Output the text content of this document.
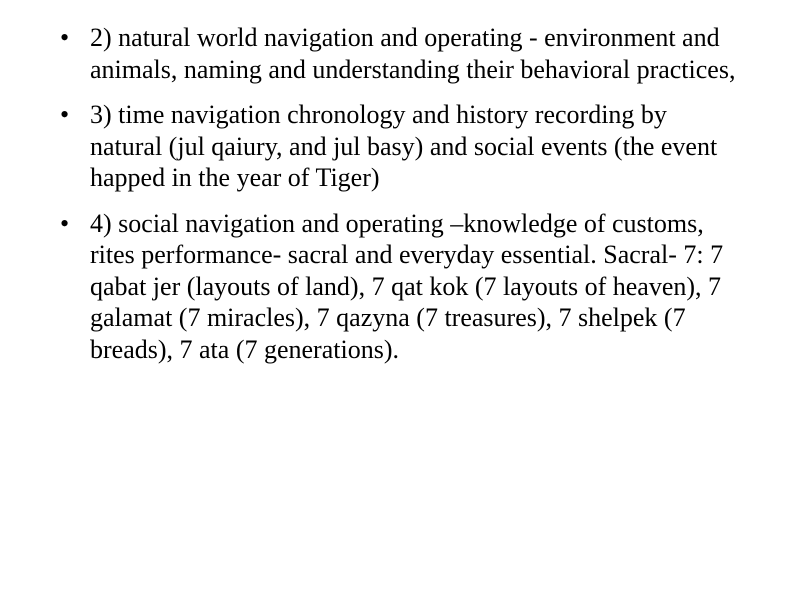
• 2) natural world navigation and operating - environment and animals, naming and understanding their behavioral practices,
• 3) time navigation chronology and history recording by natural (jul qaiury, and jul basy) and social events (the event happed in the year of Tiger)
• 4) social navigation and operating –knowledge of customs, rites performance- sacral and everyday essential. Sacral- 7: 7 qabat jer (layouts of land), 7 qat kok (7 layouts of heaven), 7 galamat (7 miracles), 7 qazyna (7 treasures), 7 shelpek (7 breads), 7 ata (7 generations).
